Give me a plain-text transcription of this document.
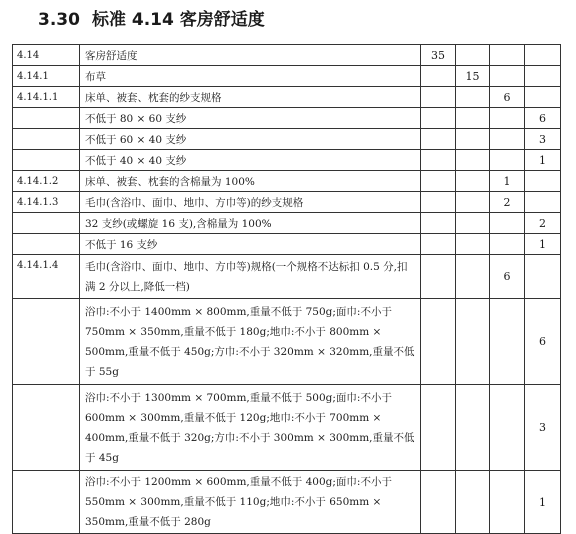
3.30 标准 4.14 客房舒适度
4.14	客房舒适度	35			
4.14.1	布草		15		
4.14.1.1	床单、被套、枕套的纱支规格			6	
	不低于 80 × 60 支纱				6
	不低于 60 × 40 支纱				3
	不低于 40 × 40 支纱				1
4.14.1.2	床单、被套、枕套的含棉量为 100%			1	
4.14.1.3	毛巾(含浴巾、面巾、地巾、方巾等)的纱支规格			2	
	32 支纱(或螺旋 16 支),含棉量为 100%				2
	不低于 16 支纱				1
4.14.1.4	毛巾(含浴巾、面巾、地巾、方巾等)规格(一个规格不达标扣 0.5 分,扣满 2 分以上,降低一档)			6	
	浴巾:不小于 1400mm × 800mm,重量不低于 750g;面巾:不小于 750mm × 350mm,重量不低于 180g;地巾:不小于 800mm × 500mm,重量不低于 450g;方巾:不小于 320mm × 320mm,重量不低于 55g				6
	浴巾:不小于 1300mm × 700mm,重量不低于 500g;面巾:不小于 600mm × 300mm,重量不低于 120g;地巾:不小于 700mm × 400mm,重量不低于 320g;方巾:不小于 300mm × 300mm,重量不低于 45g				3
	浴巾:不小于 1200mm × 600mm,重量不低于 400g;面巾:不小于 550mm × 300mm,重量不低于 110g;地巾:不小于 650mm × 350mm,重量不低于 280g				1
